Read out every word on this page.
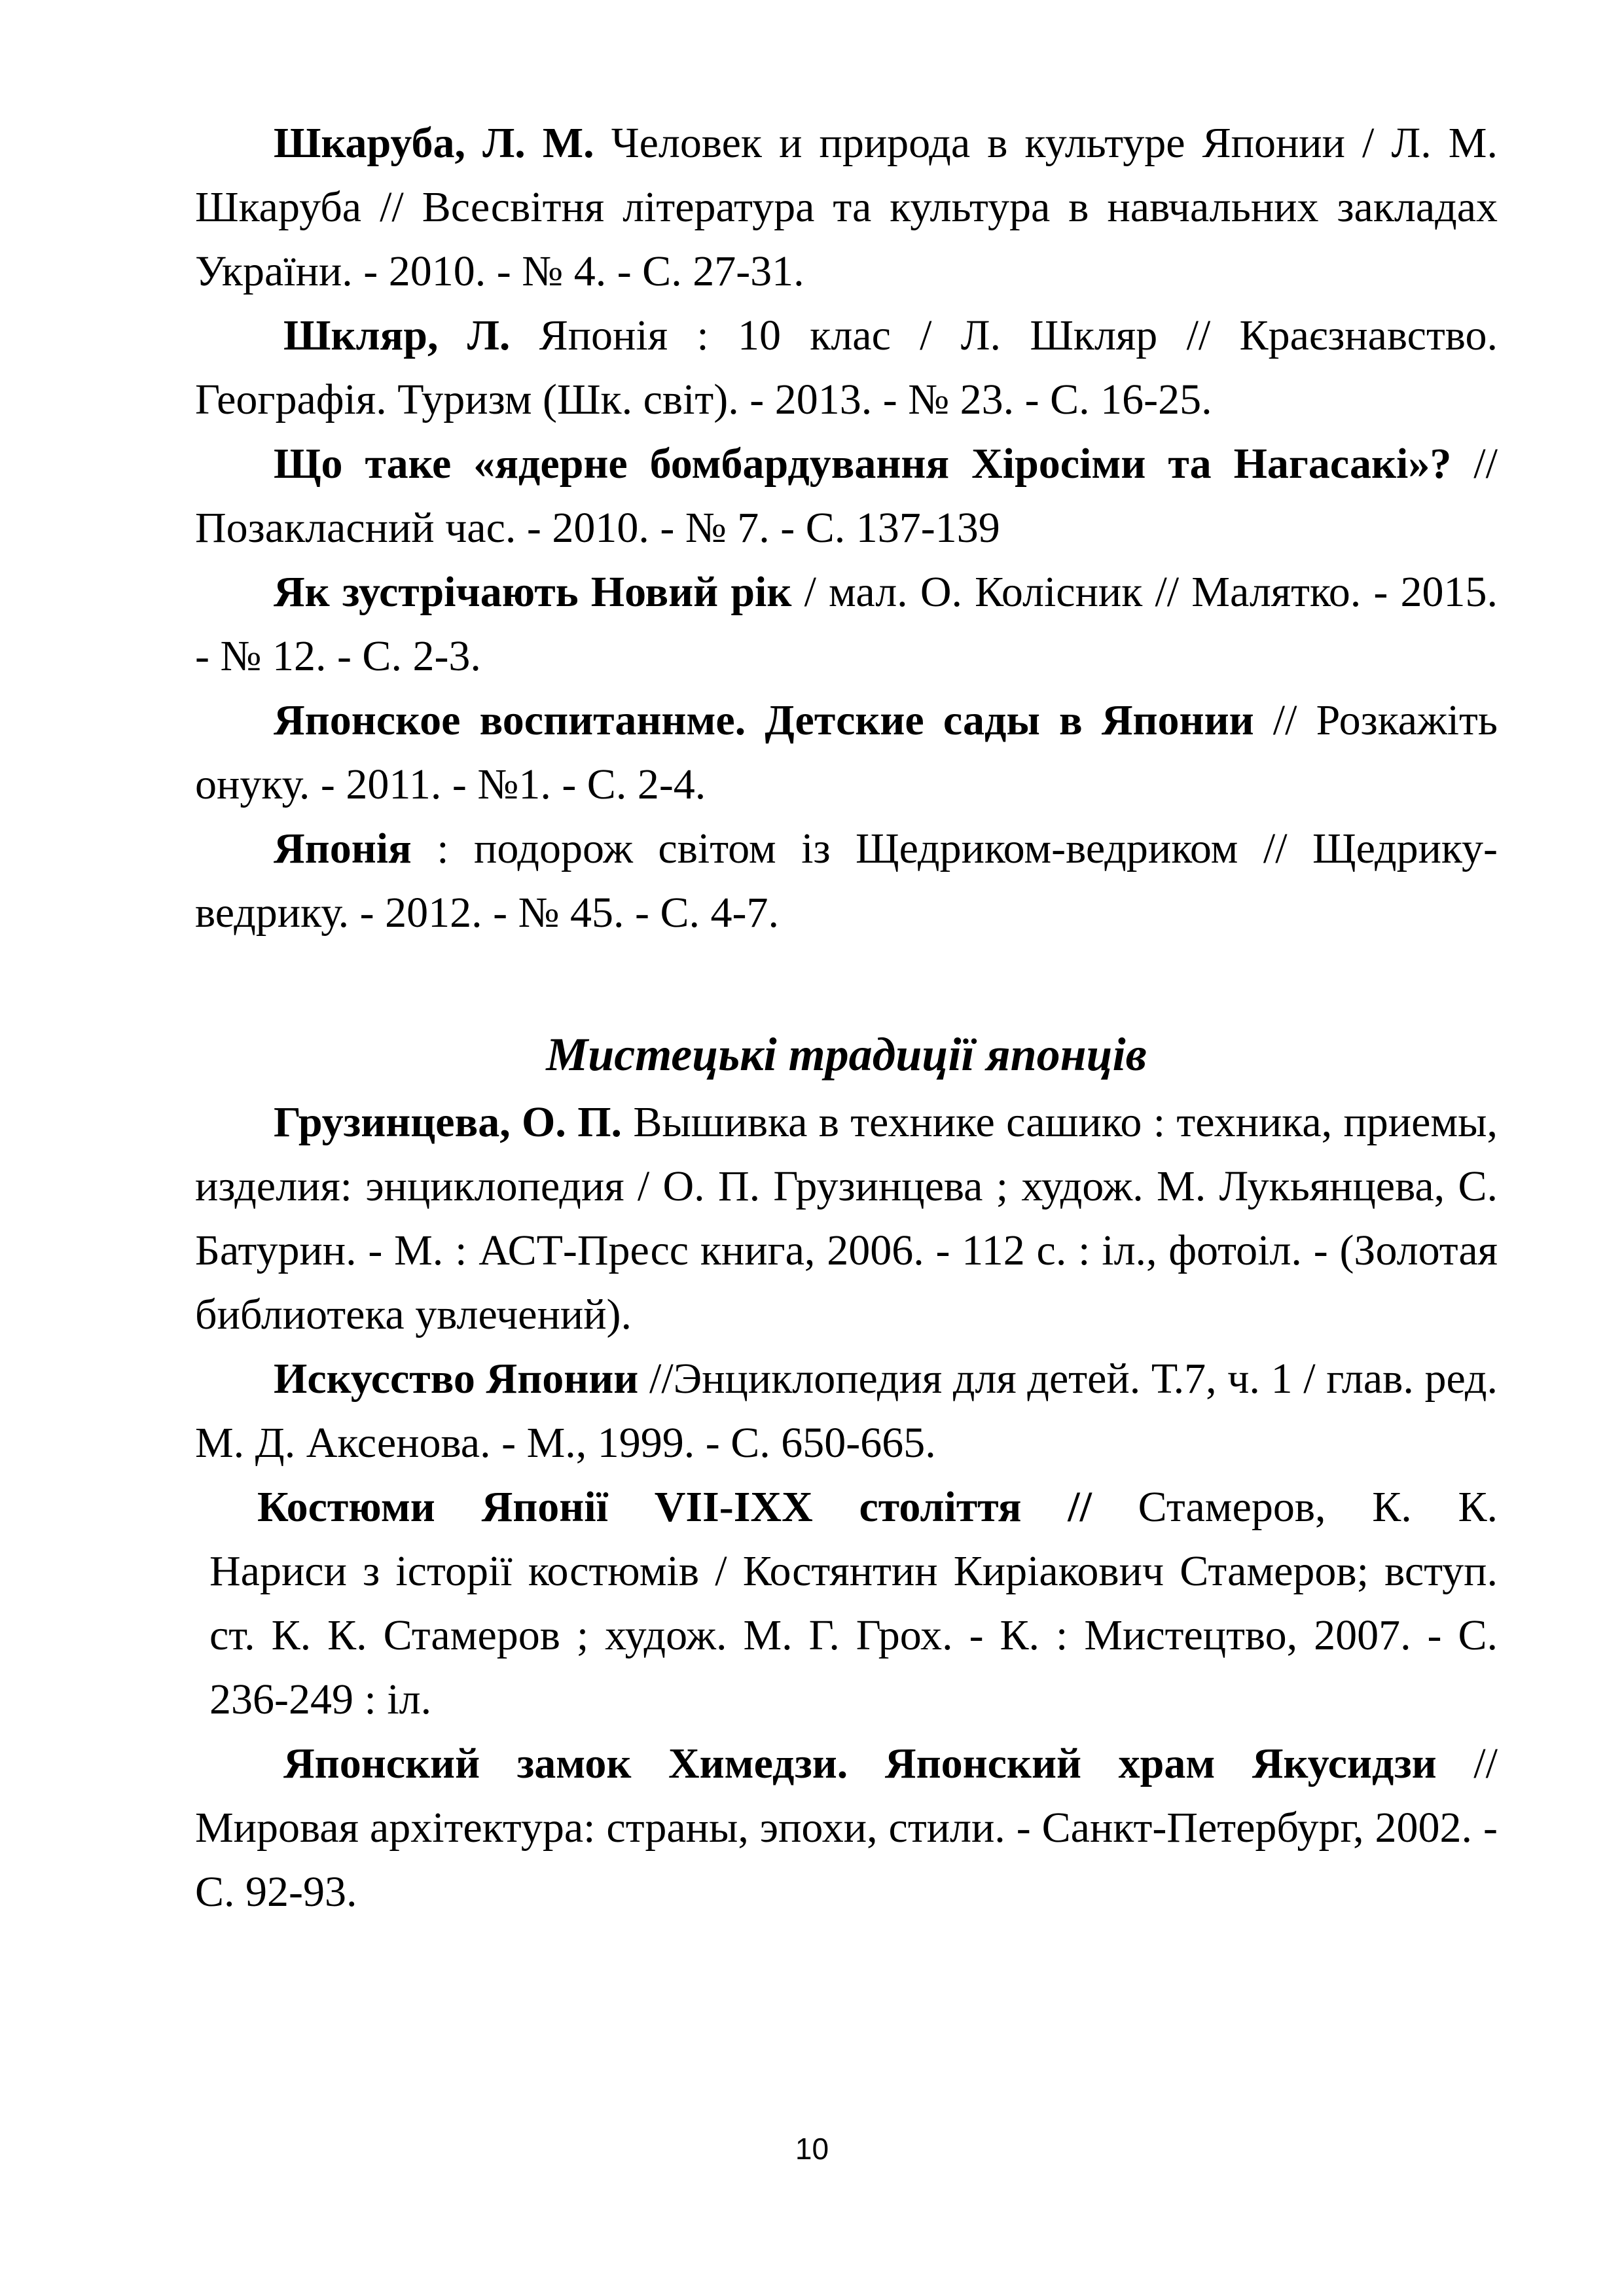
Шкаруба, Л. М. Человек и природа в культуре Японии / Л. М. Шкаруба // Всесвітня література та культура в навчальних закладах України. - 2010. - № 4. - С. 27-31.

Шкляр, Л. Японія : 10 клас / Л. Шкляр // Краєзнавство. Географія. Туризм (Шк. світ). - 2013. - № 23. - С. 16-25.

Що таке «ядерне бомбардування Хіросіми та Нагасакі»? // Позакласний час. - 2010. - № 7. - С. 137-139

Як зустрічають Новий рік / мал. О. Колісник // Малятко. - 2015. - № 12. - С. 2-3.

Японское воспитаннме. Детские сады в Японии // Розкажіть онуку. - 2011. - №1. - С. 2-4.

Японія : подорож світом із Щедриком-ведриком // Щедрику-ведрику. - 2012. - № 45. - С. 4-7.

Мистецькі традиції японців

Грузинцева, О. П. Вышивка в технике сашико : техника, приемы, изделия: энциклопедия / О. П. Грузинцева ; худож. М. Лукьянцева, С. Батурин. - М. : АСТ-Пресс книга, 2006. - 112 с. : іл., фотоіл. - (Золотая библиотека увлечений).

Искусство Японии //Энциклопедия для детей. Т.7, ч. 1 / глав. ред. М. Д. Аксенова. - М., 1999. - С. 650-665.

Костюми Японії VII-IXX століття // Стамеров, К. К.
Нариси з історії костюмів / Костянтин Киріакович Стамеров; вступ. ст. К. К. Стамеров ; худож. М. Г. Грох. - К. : Мистецтво, 2007. - С. 236-249 : іл.

Японский замок Химедзи. Японский храм Якусидзи // Мировая архітектура: страны, эпохи, стили. - Санкт-Петербург, 2002. - С. 92-93.

10
